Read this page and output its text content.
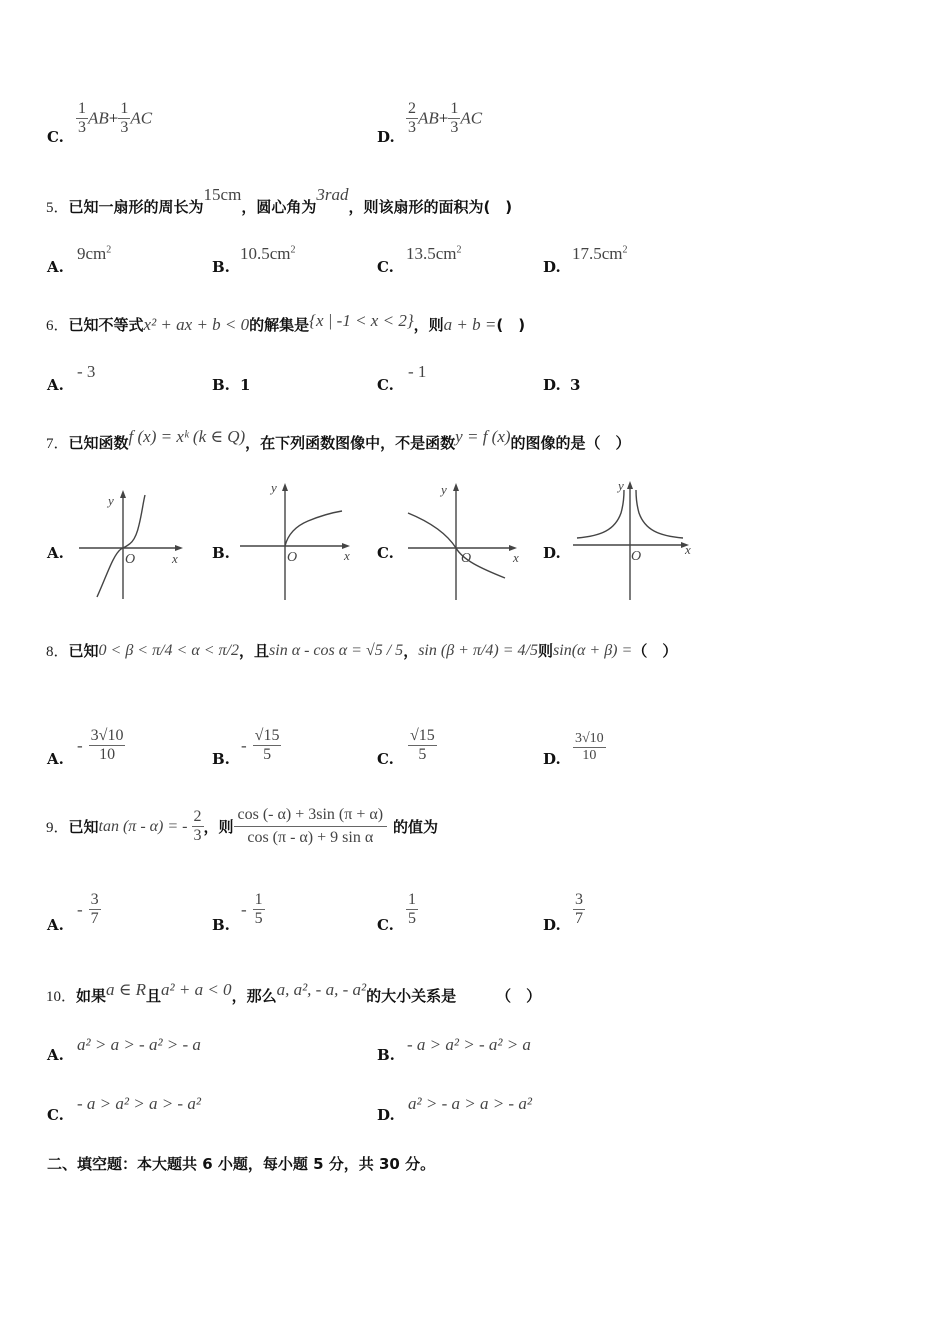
C. $\frac{1}{3} AB+ \frac{1}{3}$ AC
D. $\frac{2}{3} AB+ \frac{1}{3}$ AC
5．已知一扇形的周长为15cm，圆心角为3rad，则该扇形的面积为(　)
A.
$9cm^2$
B.
$10.5cm^2$
C.
$13.5cm^2$
D.
$17.5cm^2$
6．已知不等式x² + ax + b < 0的解集是{x | -1 < x < 2}，则a + b =(　)
A.
- 3
B. 1	C.
- 1
D. 3
7．已知函数f (x) = xᵏ (k ∈ Q)，在下列函数图像中，不是函数y = f (x)的图像的是（　）
A.
y
O	x B.
y
O	x C.
y
O	x D.
y
O	x
8． 已知 0 < β < π/4 < α < π/2 ，且 sin α - cos α = √5 / 5 ， sin (β + π/4) = 4/5 则 sin(α + β) = （　）
A.
- $\frac{3√10}{10}$	B.
- $\frac{√15}{5}$	C. $\frac{√15}{5}$	D. $\frac{3√10}{10}$
9． 已知 tan (π - α) = - $\frac{2}{3}$ ，则 $\frac{\cos (- \alpha) + 3\sin (\pi + \alpha)}{\text{cos (π - α) + 9 sin α}}$ 的值为
A.
- $\frac{3}{7}$	B.
- $\frac{1}{5}$	C. $\frac{1}{5}$	D. $\frac{3}{7}$
10．如果a ∈ R且a² + a < 0，那么a, a², - a, - a²的大小关系是	（　）
A.
a² > a > - a² > - a
B.
- a > a² > - a² > a
C.
- a > a² > a > - a²
D.
a² > - a > a > - a²
二、填空题：本大题共 6 小题，每小题 5 分，共 30 分。
